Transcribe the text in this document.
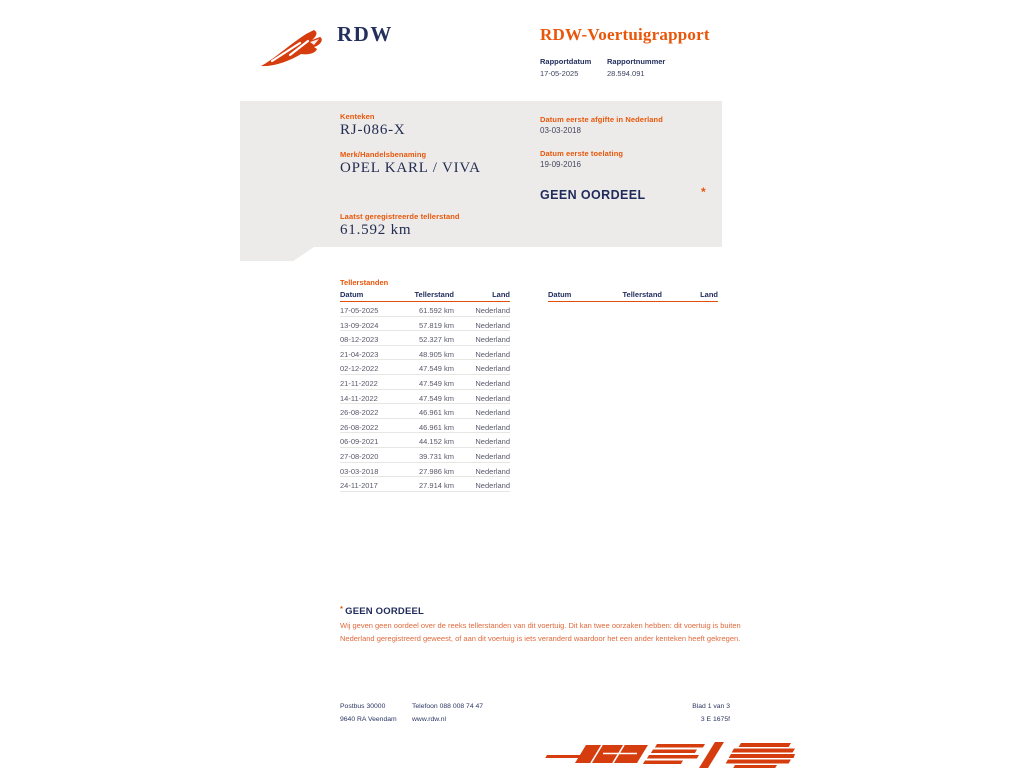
RDW	RDW-Voertuigrapport
Rapportdatum Rapportnummer
17-05-2025	28.594.091
Kenteken
RJ-086-X
Merk/Handelsbenaming
OPEL KARL / VIVA
Laatst geregistreerde tellerstand
61.592 km
Datum eerste afgifte in Nederland
03-03-2018
Datum eerste toelating
19-09-2016
GEEN OORDEEL	*
Tellerstanden
Datum	Tellerstand	Land
17-05-2025	61.592 km	Nederland
13-09-2024	57.819 km	Nederland
08-12-2023	52.327 km	Nederland
21-04-2023	48.905 km	Nederland
02-12-2022	47.549 km	Nederland
21-11-2022	47.549 km	Nederland
14-11-2022	47.549 km	Nederland
26-08-2022	46.961 km	Nederland
26-08-2022	46.961 km	Nederland
06-09-2021	44.152 km	Nederland
27-08-2020	39.731 km	Nederland
03-03-2018	27.986 km	Nederland
24-11-2017	27.914 km	Nederland
Datum	Tellerstand	Land
* GEEN OORDEEL
Wij geven geen oordeel over de reeks tellerstanden van dit voertuig. Dit kan twee oorzaken hebben: dit voertuig is buiten Nederland geregistreerd geweest, of aan dit voertuig is iets veranderd waardoor het een ander kenteken heeft gekregen.
Postbus 30000
9640 RA Veendam
Telefoon 088 008 74 47
www.rdw.nl
Blad 1 van 3
3 E 1675f
